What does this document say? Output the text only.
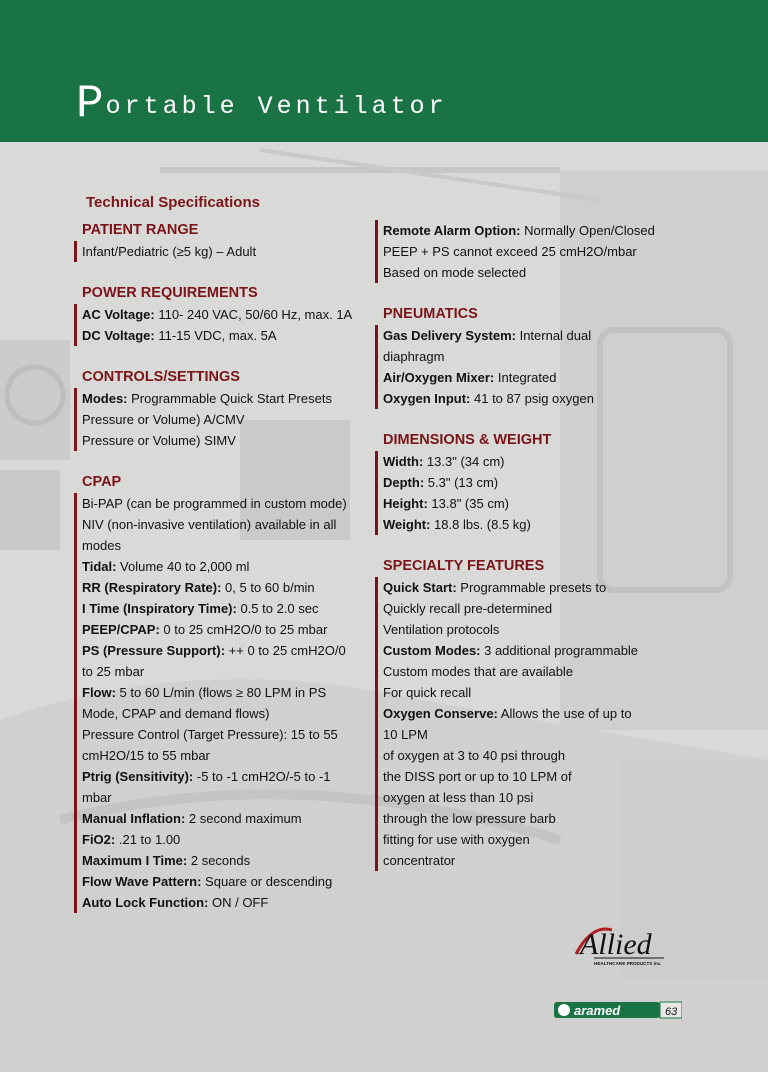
Portable Ventilator
Technical Specifications
PATIENT RANGE
Infant/Pediatric (≥5 kg) – Adult
POWER REQUIREMENTS
AC Voltage: 110- 240 VAC, 50/60 Hz, max. 1A
DC Voltage: 11-15 VDC, max. 5A
CONTROLS/SETTINGS
Modes: Programmable Quick Start Presets
Pressure or Volume) A/CMV
Pressure or Volume) SIMV
CPAP
Bi-PAP (can be programmed in custom mode)
NIV (non-invasive ventilation) available in all
modes
Tidal: Volume 40 to 2,000 ml
RR (Respiratory Rate): 0, 5 to 60 b/min
I Time (Inspiratory Time): 0.5 to 2.0 sec
PEEP/CPAP: 0 to 25 cmH2O/0 to 25 mbar
PS (Pressure Support): ++ 0 to 25 cmH2O/0
to 25 mbar
Flow: 5 to 60 L/min (flows ≥ 80 LPM in PS
Mode, CPAP and demand flows)
Pressure Control (Target Pressure): 15 to 55
cmH2O/15 to 55 mbar
Ptrig (Sensitivity): -5 to -1 cmH2O/-5 to -1
mbar
Manual Inflation: 2 second maximum
FiO2: .21 to 1.00
Maximum I Time: 2 seconds
Flow Wave Pattern: Square or descending
Auto Lock Function: ON / OFF
Remote Alarm Option: Normally Open/Closed
PEEP + PS cannot exceed 25 cmH2O/mbar
Based on mode selected
PNEUMATICS
Gas Delivery System: Internal dual
diaphragm
Air/Oxygen Mixer: Integrated
Oxygen Input: 41 to 87 psig oxygen
DIMENSIONS & WEIGHT
Width: 13.3" (34 cm)
Depth: 5.3" (13 cm)
Height: 13.8" (35 cm)
Weight: 18.8 lbs. (8.5 kg)
SPECIALTY FEATURES
Quick Start: Programmable presets to
Quickly recall pre-determined
Ventilation protocols
Custom Modes: 3 additional programmable
Custom modes that are available
For quick recall
Oxygen Conserve: Allows the use of up to
10 LPM
of oxygen at 3 to 40 psi through
the DISS port or up to 10 LPM of
oxygen at less than 10 psi
through the low pressure barb
fitting for use with oxygen
concentrator
Allied
HEALTHCARE PRODUCTS inc.
aramed	63
